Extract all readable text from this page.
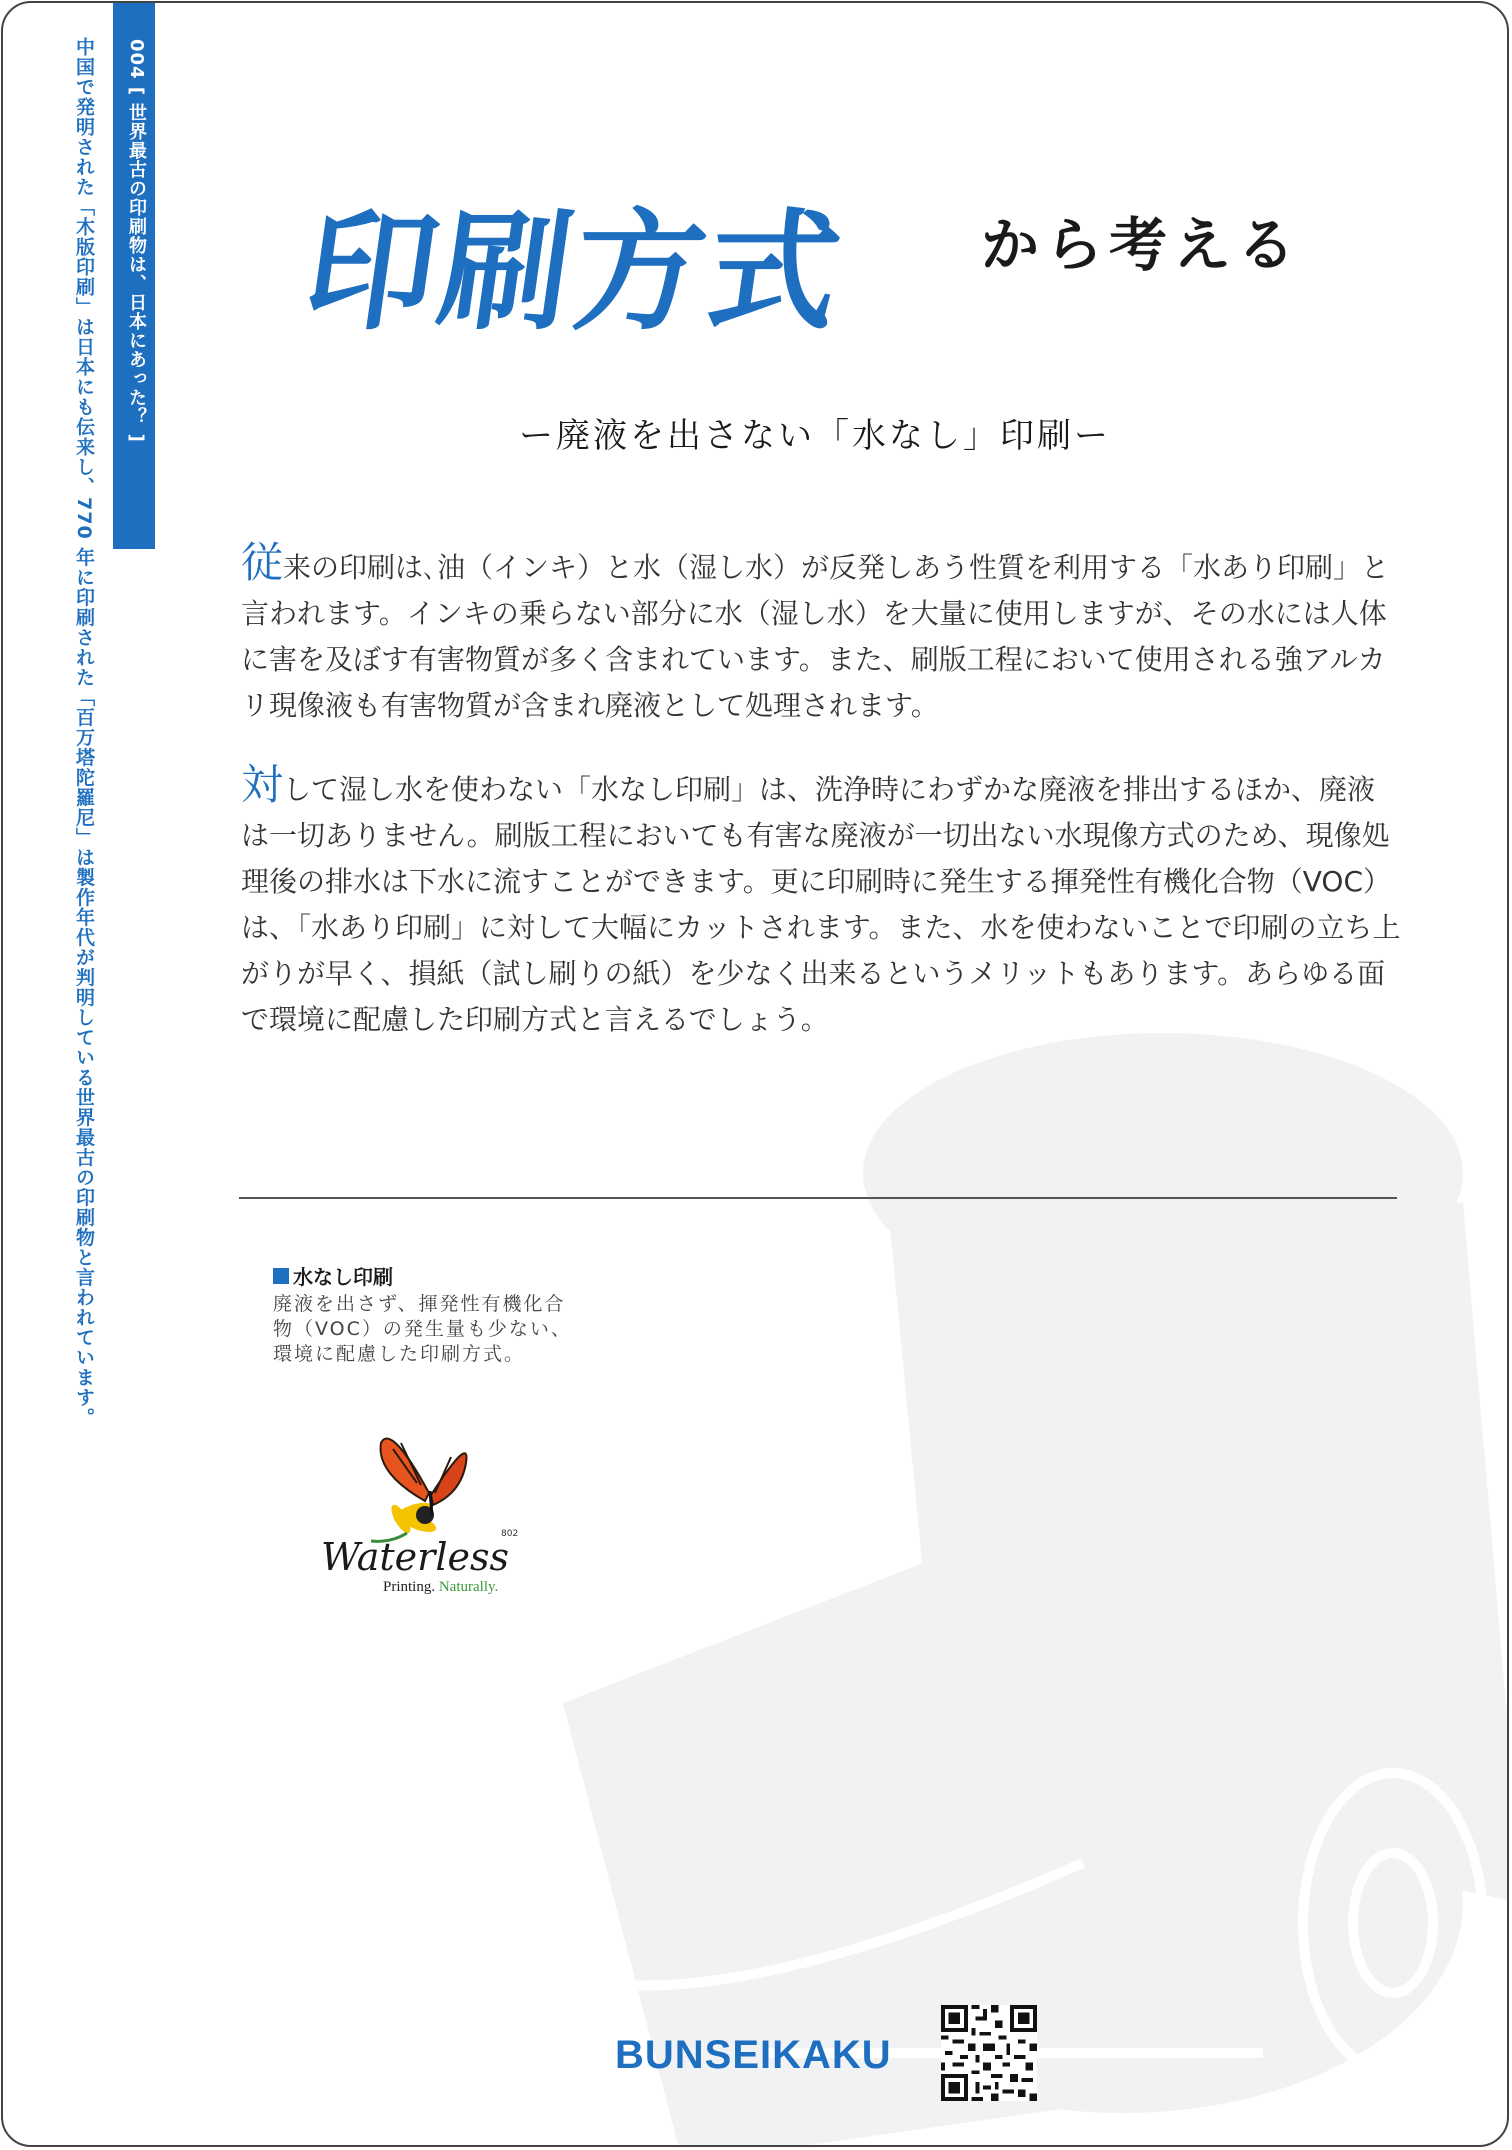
004 [ 世界最古の印刷物は、日本にあった？ ]
中国で発明された「木版印刷」は日本にも伝来し、770 年に印刷された「百万塔陀羅尼」は製作年代が判明している世界最古の印刷物と言われています。 印刷方式 から考える
ー廃液を出さない「水なし」印刷ー

従来の印刷は､油（インキ）と水（湿し水）が反発しあう性質を利用する「水あり印刷」と言われます。インキの乗らない部分に水（湿し水）を大量に使用しますが、その水には人体に害を及ぼす有害物質が多く含まれています。また、刷版工程において使用される強アルカリ現像液も有害物質が含まれ廃液として処理されます。

対して湿し水を使わない「水なし印刷」は、洗浄時にわずかな廃液を排出するほか、廃液は一切ありません。刷版工程においても有害な廃液が一切出ない水現像方式のため、現像処理後の排水は下水に流すことができます。更に印刷時に発生する揮発性有機化合物（VOC）は、「水あり印刷」に対して大幅にカットされます。また、水を使わないことで印刷の立ち上がりが早く、損紙（試し刷りの紙）を少なく出来るというメリットもあります。あらゆる面で環境に配慮した印刷方式と言えるでしょう。

水なし印刷
廃液を出さず、揮発性有機化合物（VOC）の発生量も少ない、環境に配慮した印刷方式。
Waterless
802
Printing. Naturally.
BUNSEIKAKU
